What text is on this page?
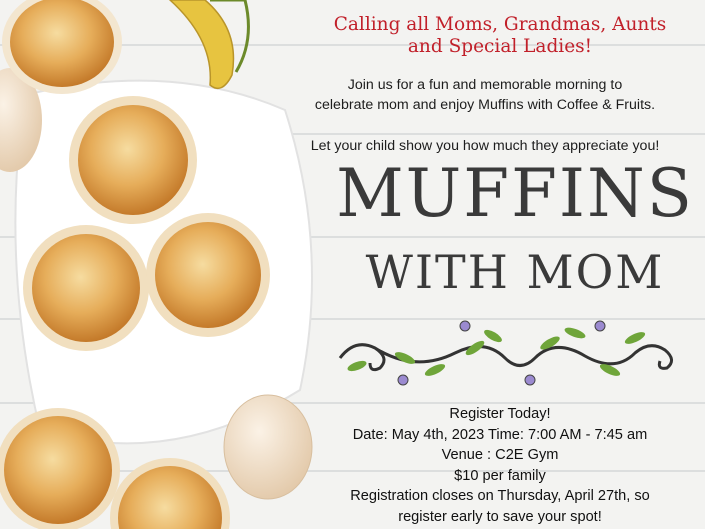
Calling all Moms, Grandmas, Aunts
and Special Ladies!
Join us for a fun and memorable morning to
celebrate mom and enjoy Muffins with Coffee & Fruits.
Let your child show you how much they appreciate you!
MUFFINS
WITH MOM
Register Today!
Date: May 4th, 2023 Time: 7:00 AM - 7:45 am
Venue : C2E Gym
$10 per family
Registration closes on Thursday, April 27th, so
register early to save your spot!
